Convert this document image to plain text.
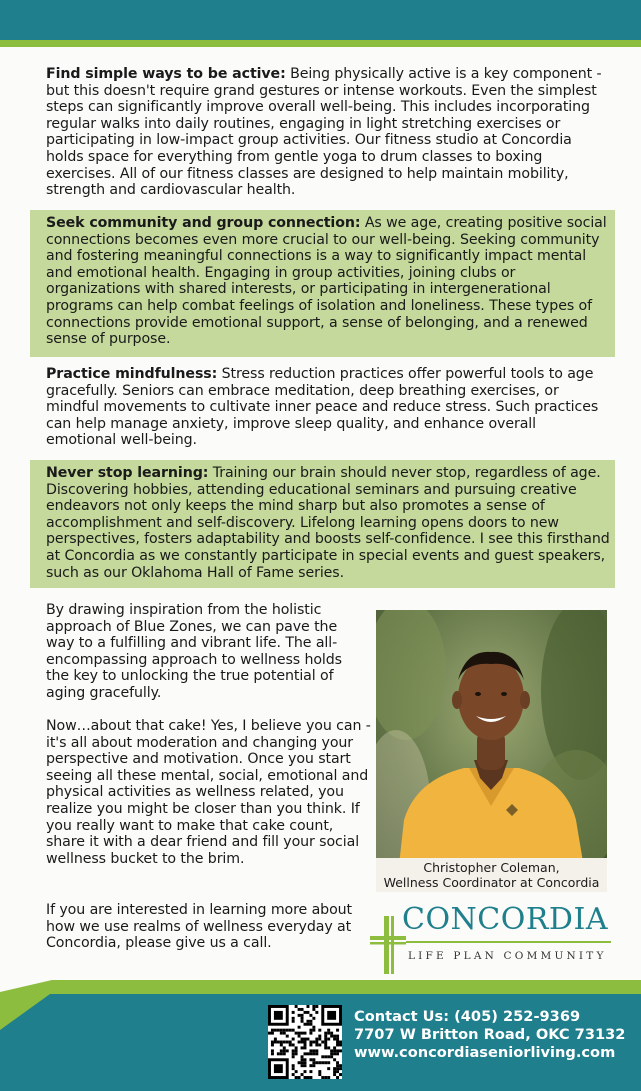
Find simple ways to be active: Being physically active is a key component - but this doesn't require grand gestures or intense workouts. Even the simplest steps can significantly improve overall well-being. This includes incorporating regular walks into daily routines, engaging in light stretching exercises or participating in low-impact group activities. Our fitness studio at Concordia holds space for everything from gentle yoga to drum classes to boxing exercises. All of our fitness classes are designed to help maintain mobility, strength and cardiovascular health.
Seek community and group connection: As we age, creating positive social connections becomes even more crucial to our well-being. Seeking community and fostering meaningful connections is a way to significantly impact mental and emotional health. Engaging in group activities, joining clubs or organizations with shared interests, or participating in intergenerational programs can help combat feelings of isolation and loneliness. These types of connections provide emotional support, a sense of belonging, and a renewed sense of purpose.
Practice mindfulness: Stress reduction practices offer powerful tools to age gracefully. Seniors can embrace meditation, deep breathing exercises, or mindful movements to cultivate inner peace and reduce stress. Such practices can help manage anxiety, improve sleep quality, and enhance overall emotional well-being.
Never stop learning: Training our brain should never stop, regardless of age. Discovering hobbies, attending educational seminars and pursuing creative endeavors not only keeps the mind sharp but also promotes a sense of accomplishment and self-discovery. Lifelong learning opens doors to new perspectives, fosters adaptability and boosts self-confidence. I see this firsthand at Concordia as we constantly participate in special events and guest speakers, such as our Oklahoma Hall of Fame series.
By drawing inspiration from the holistic approach of Blue Zones, we can pave the way to a fulfilling and vibrant life. The all-encompassing approach to wellness holds the key to unlocking the true potential of aging gracefully.
Now…about that cake! Yes, I believe you can - it's all about moderation and changing your perspective and motivation. Once you start seeing all these mental, social, emotional and physical activities as wellness related, you realize you might be closer than you think. If you really want to make that cake count, share it with a dear friend and fill your social wellness bucket to the brim.
If you are interested in learning more about how we use realms of wellness everyday at Concordia, please give us a call.
Christopher Coleman,
Wellness Coordinator at Concordia
CONCORDIA
LIFE PLAN COMMUNITY
Contact Us: (405) 252-9369
7707 W Britton Road, OKC 73132
www.concordiaseniorliving.com
